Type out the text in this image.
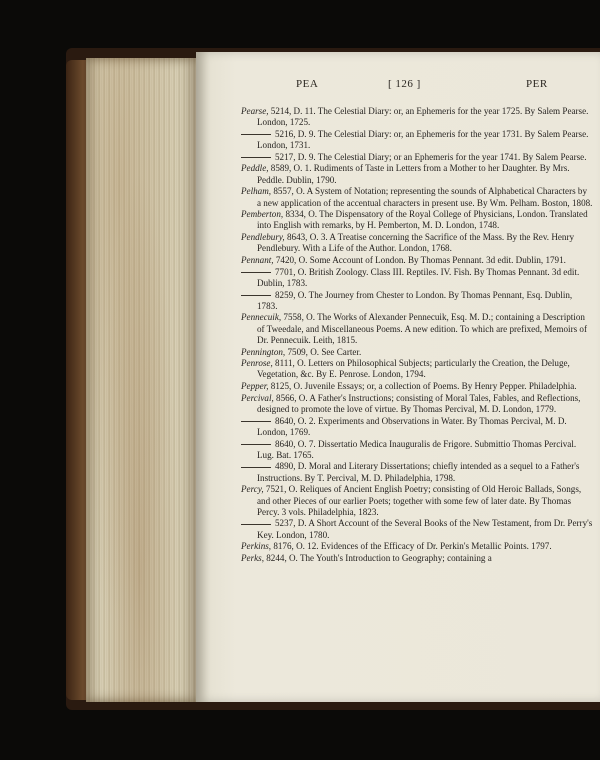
PEA	[ 126 ]	PER
Pearse, 5214, D. 11. The Celestial Diary: or, an Ephemeris for the year 1725. By Salem Pearse. London, 1725.
5216, D. 9. The Celestial Diary: or, an Ephemeris for the year 1731. By Salem Pearse. London, 1731.
5217, D. 9. The Celestial Diary; or an Ephemeris for the year 1741. By Salem Pearse.
Peddle, 8589, O. 1. Rudiments of Taste in Letters from a Mother to her Daughter. By Mrs. Peddle. Dublin, 1790.
Pelham, 8557, O. A System of Notation; representing the sounds of Alphabetical Characters by a new application of the accentual characters in present use. By Wm. Pelham. Boston, 1808.
Pemberton, 8334, O. The Dispensatory of the Royal College of Physicians, London. Translated into English with remarks, by H. Pemberton, M. D. London, 1748.
Pendlebury, 8643, O. 3. A Treatise concerning the Sacrifice of the Mass. By the Rev. Henry Pendlebury. With a Life of the Author. London, 1768.
Pennant, 7420, O. Some Account of London. By Thomas Pennant. 3d edit. Dublin, 1791.
7701, O. British Zoology. Class III. Reptiles. IV. Fish. By Thomas Pennant. 3d edit. Dublin, 1783.
8259, O. The Journey from Chester to London. By Thomas Pennant, Esq. Dublin, 1783.
Pennecuik, 7558, O. The Works of Alexander Pennecuik, Esq. M. D.; containing a Description of Tweedale, and Miscellaneous Poems. A new edition. To which are prefixed, Memoirs of Dr. Pennecuik. Leith, 1815.
Pennington, 7509, O. See Carter.
Penrose, 8111, O. Letters on Philosophical Subjects; particularly the Creation, the Deluge, Vegetation, &c. By E. Penrose. London, 1794.
Pepper, 8125, O. Juvenile Essays; or, a collection of Poems. By Henry Pepper. Philadelphia.
Percival, 8566, O. A Father's Instructions; consisting of Moral Tales, Fables, and Reflections, designed to promote the love of virtue. By Thomas Percival, M. D. London, 1779.
8640, O. 2. Experiments and Observations in Water. By Thomas Percival, M. D. London, 1769.
8640, O. 7. Dissertatio Medica Inauguralis de Frigore. Submittio Thomas Percival. Lug. Bat. 1765.
4890, D. Moral and Literary Dissertations; chiefly intended as a sequel to a Father's Instructions. By T. Percival, M. D. Philadelphia, 1798.
Percy, 7521, O. Reliques of Ancient English Poetry; consisting of Old Heroic Ballads, Songs, and other Pieces of our earlier Poets; together with some few of later date. By Thomas Percy. 3 vols. Philadelphia, 1823.
5237, D. A Short Account of the Several Books of the New Testament, from Dr. Perry's Key. London, 1780.
Perkins, 8176, O. 12. Evidences of the Efficacy of Dr. Perkin's Metallic Points. 1797.
Perks, 8244, O. The Youth's Introduction to Geography; containing a
